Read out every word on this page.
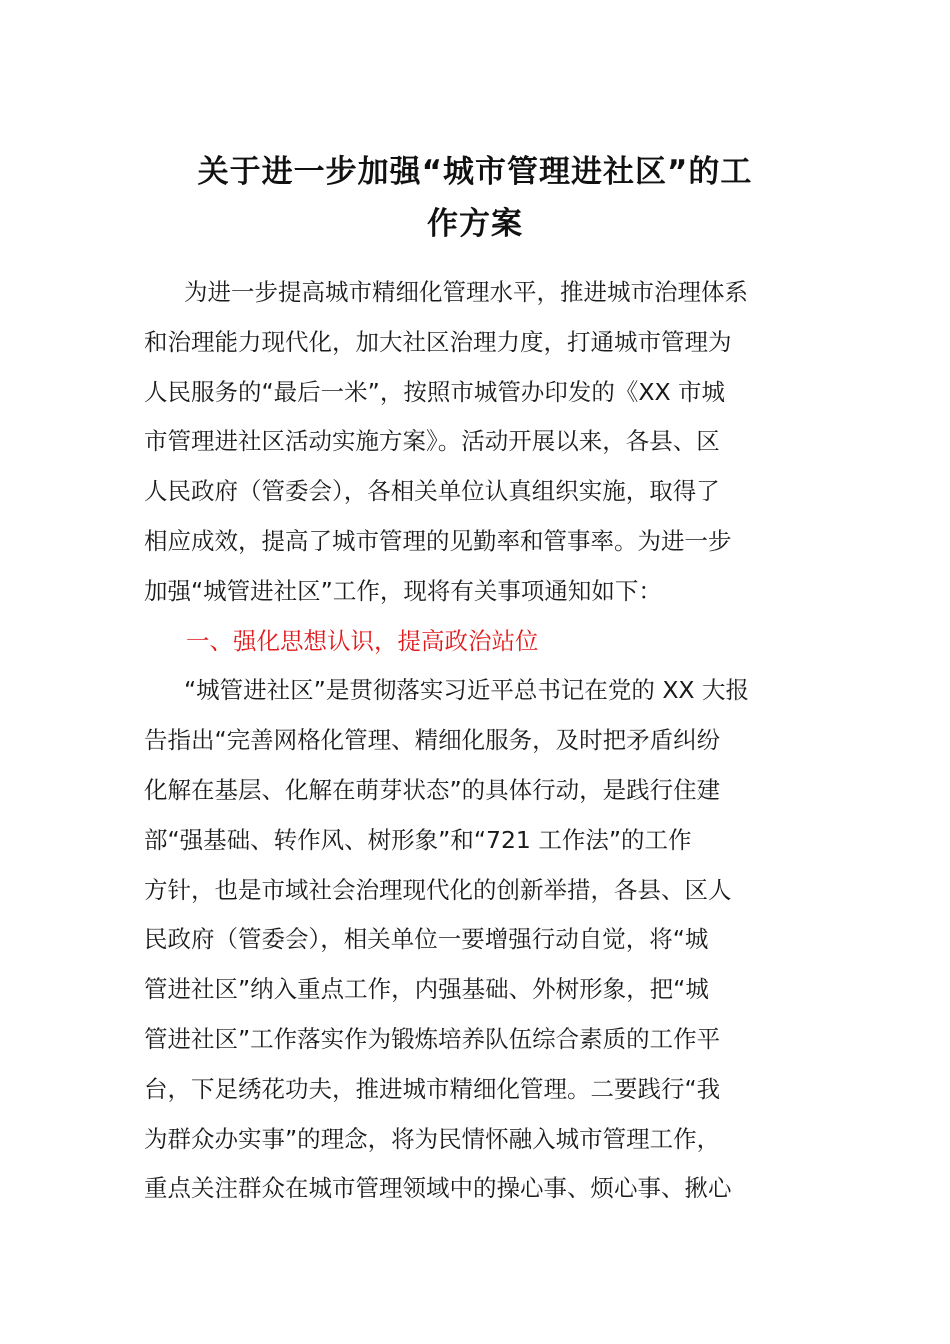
关于进一步加强“城市管理进社区”的工
作方案
为进一步提高城市精细化管理水平，推进城市治理体系
和治理能力现代化，加大社区治理力度，打通城市管理为
人民服务的“最后一米”，按照市城管办印发的《XX 市城
市管理进社区活动实施方案》。活动开展以来，各县、区
人民政府（管委会），各相关单位认真组织实施，取得了
相应成效，提高了城市管理的见勤率和管事率。为进一步
加强“城管进社区”工作，现将有关事项通知如下：
一、强化思想认识，提高政治站位
“城管进社区”是贯彻落实习近平总书记在党的 XX 大报
告指出“完善网格化管理、精细化服务，及时把矛盾纠纷
化解在基层、化解在萌芽状态”的具体行动，是践行住建
部“强基础、转作风、树形象”和“721 工作法”的工作
方针，也是市域社会治理现代化的创新举措，各县、区人
民政府（管委会），相关单位一要增强行动自觉，将“城
管进社区”纳入重点工作，内强基础、外树形象，把“城
管进社区”工作落实作为锻炼培养队伍综合素质的工作平
台，下足绣花功夫，推进城市精细化管理。二要践行“我
为群众办实事”的理念，将为民情怀融入城市管理工作，
重点关注群众在城市管理领域中的操心事、烦心事、揪心
